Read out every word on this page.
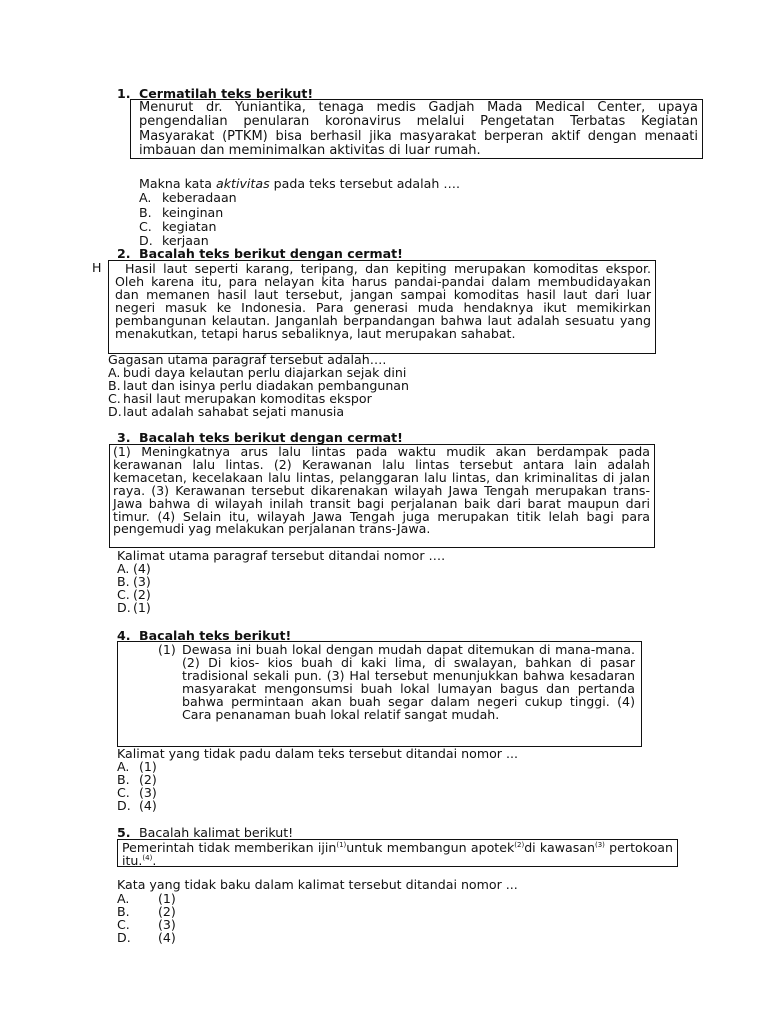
1. Cermatilah teks berikut!
Menurut dr. Yuniantika, tenaga medis Gadjah Mada Medical Center, upaya pengendalian penularan koronavirus melalui Pengetatan Terbatas Kegiatan Masyarakat (PTKM) bisa berhasil jika masyarakat berperan aktif dengan menaati imbauan dan meminimalkan aktivitas di luar rumah.
Makna kata aktivitas pada teks tersebut adalah ….
A. keberadaan
B. keinginan
C. kegiatan
D. kerjaan
2. Bacalah teks berikut dengan cermat!
H	Hasil laut seperti karang, teripang, dan kepiting merupakan komoditas ekspor. Oleh karena itu, para nelayan kita harus pandai-pandai dalam membudidayakan dan memanen hasil laut tersebut, jangan sampai komoditas hasil laut dari luar negeri masuk ke Indonesia. Para generasi muda hendaknya ikut memikirkan pembangunan kelautan. Janganlah berpandangan bahwa laut adalah sesuatu yang menakutkan, tetapi harus sebaliknya, laut merupakan sahabat.
Gagasan utama paragraf tersebut adalah….
A. budi daya kelautan perlu diajarkan sejak dini
B. laut dan isinya perlu diadakan pembangunan
C. hasil laut merupakan komoditas ekspor
D.laut adalah sahabat sejati manusia
3. Bacalah teks berikut dengan cermat!
(1) Meningkatnya arus lalu lintas pada waktu mudik akan berdampak pada kerawanan lalu lintas. (2) Kerawanan lalu lintas tersebut antara lain adalah kemacetan, kecelakaan lalu lintas, pelanggaran lalu lintas, dan kriminalitas di jalan raya. (3) Kerawanan tersebut dikarenakan wilayah Jawa Tengah merupakan trans-Jawa bahwa di wilayah inilah transit bagi perjalanan baik dari barat maupun dari timur. (4) Selain itu, wilayah Jawa Tengah juga merupakan titik lelah bagi para pengemudi yag melakukan perjalanan trans-Jawa.
Kalimat utama paragraf tersebut ditandai nomor ….
A. (4)
B. (3)
C. (2)
D. (1)
4. Bacalah teks berikut!
(1) Dewasa ini buah lokal dengan mudah dapat ditemukan di mana-mana. (2) Di kios- kios buah di kaki lima, di swalayan, bahkan di pasar tradisional sekali pun. (3) Hal tersebut menunjukkan bahwa kesadaran masyarakat mengonsumsi buah lokal lumayan bagus dan pertanda bahwa permintaan akan buah segar dalam negeri cukup tinggi. (4) Cara penanaman buah lokal relatif sangat mudah.
Kalimat yang tidak padu dalam teks tersebut ditandai nomor ...
A. (1)
B. (2)
C. (3)
D. (4)
5. Bacalah kalimat berikut!
Pemerintah tidak memberikan ijin$^{(1)}$untuk membangun apotek$^{(2)}$di kawasan$^{(3)}$ pertokoan itu.$^{(4)}$.
Kata yang tidak baku dalam kalimat tersebut ditandai nomor ...
A. (1)
B. (2)
C. (3)
D. (4)
